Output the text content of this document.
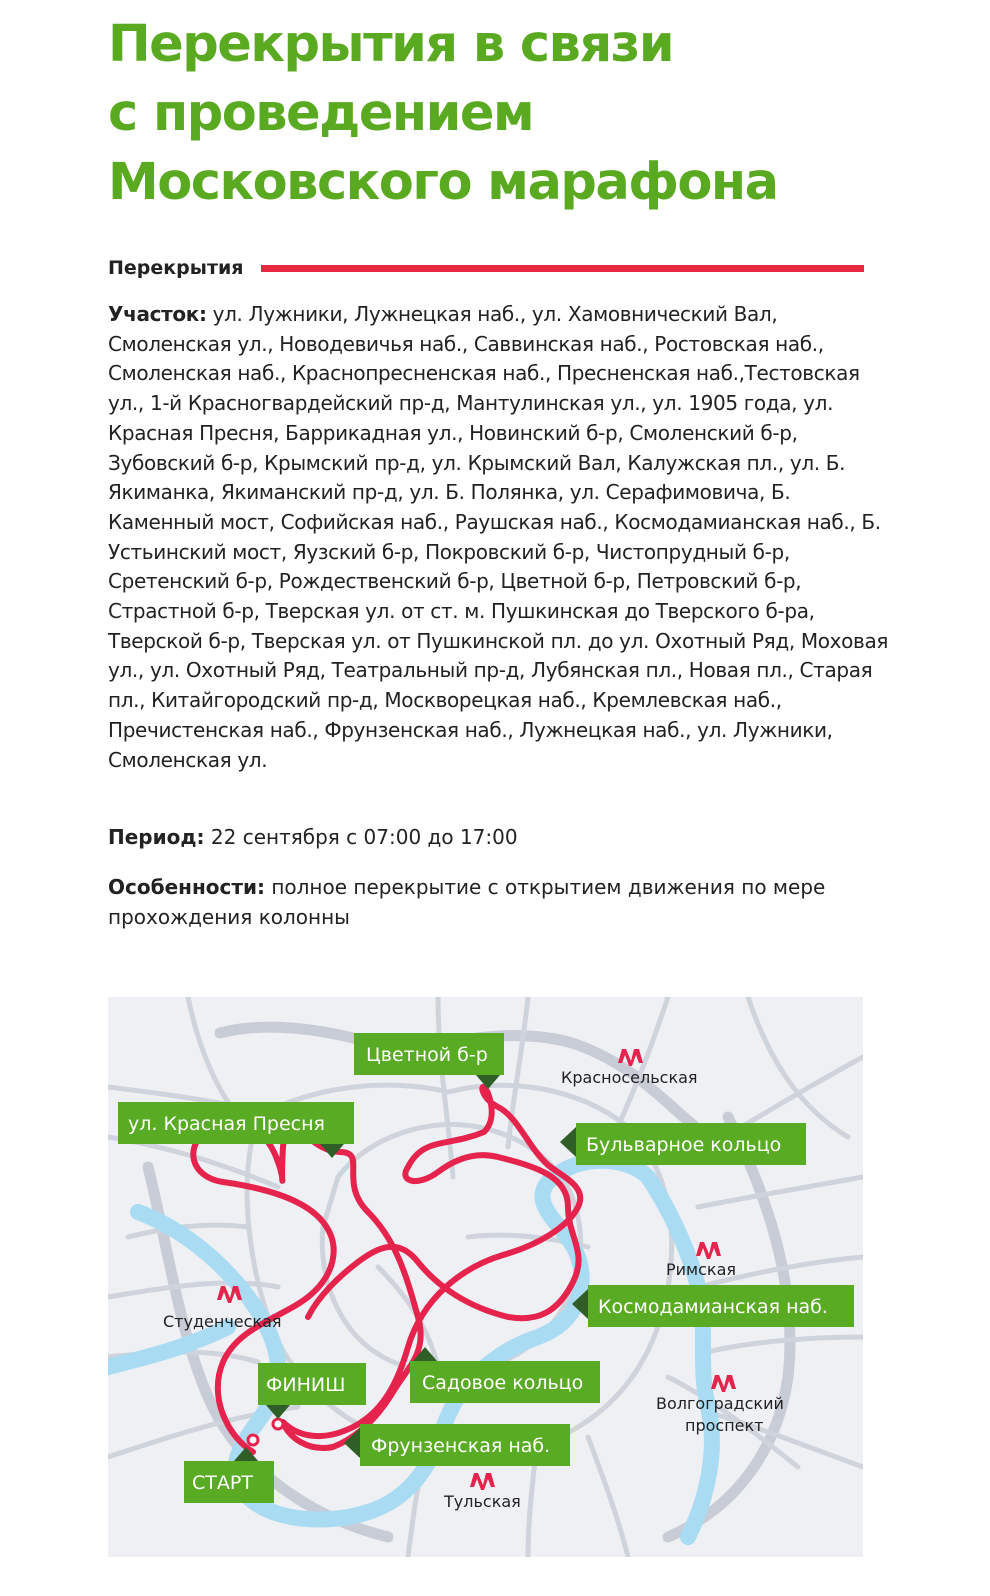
Перекрытия в связи
с проведением
Московского марафона
Перекрытия
Участок: ул. Лужники, Лужнецкая наб., ул. Хамовнический Вал, Смоленская ул., Новодевичья наб., Саввинская наб., Ростовская наб., Смоленская наб., Краснопресненская наб., Пресненская наб.,Тестовская ул., 1-й Красногвардейский пр-д, Мантулинская ул., ул. 1905 года, ул. Красная Пресня, Баррикадная ул., Новинский б-р, Смоленский б-р, Зубовский б-р, Крымский пр-д, ул. Крымский Вал, Калужская пл., ул. Б. Якиманка, Якиманский пр-д, ул. Б. Полянка, ул. Серафимовича, Б. Каменный мост, Софийская наб., Раушская наб., Космодамианская наб., Б. Устьинский мост, Яузский б-р, Покровский б-р, Чистопрудный б-р, Сретенский б-р, Рождественский б-р, Цветной б-р, Петровский б-р, Страстной б-р, Тверская ул. от ст. м. Пушкинская до Тверского б-ра, Тверской б-р, Тверская ул. от Пушкинской пл. до ул. Охотный Ряд, Моховая ул., ул. Охотный Ряд, Театральный пр-д, Лубянская пл., Новая пл., Старая пл., Китайгородский пр-д, Москворецкая наб., Кремлевская наб., Пречистенская наб., Фрунзенская наб., Лужнецкая наб., ул. Лужники, Смоленская ул.
Период: 22 сентября с 07:00 до 17:00
Особенности: полное перекрытие с открытием движения по мере прохождения колонны
Красносельская
Римская
Студенческая
Волгоградский
проспект
Тульская
Цветной б-р
ул. Красная Пресня
Бульварное кольцо
Космодамианская наб.
Садовое кольцо
ФИНИШ
Фрунзенская наб.
СТАРТ
